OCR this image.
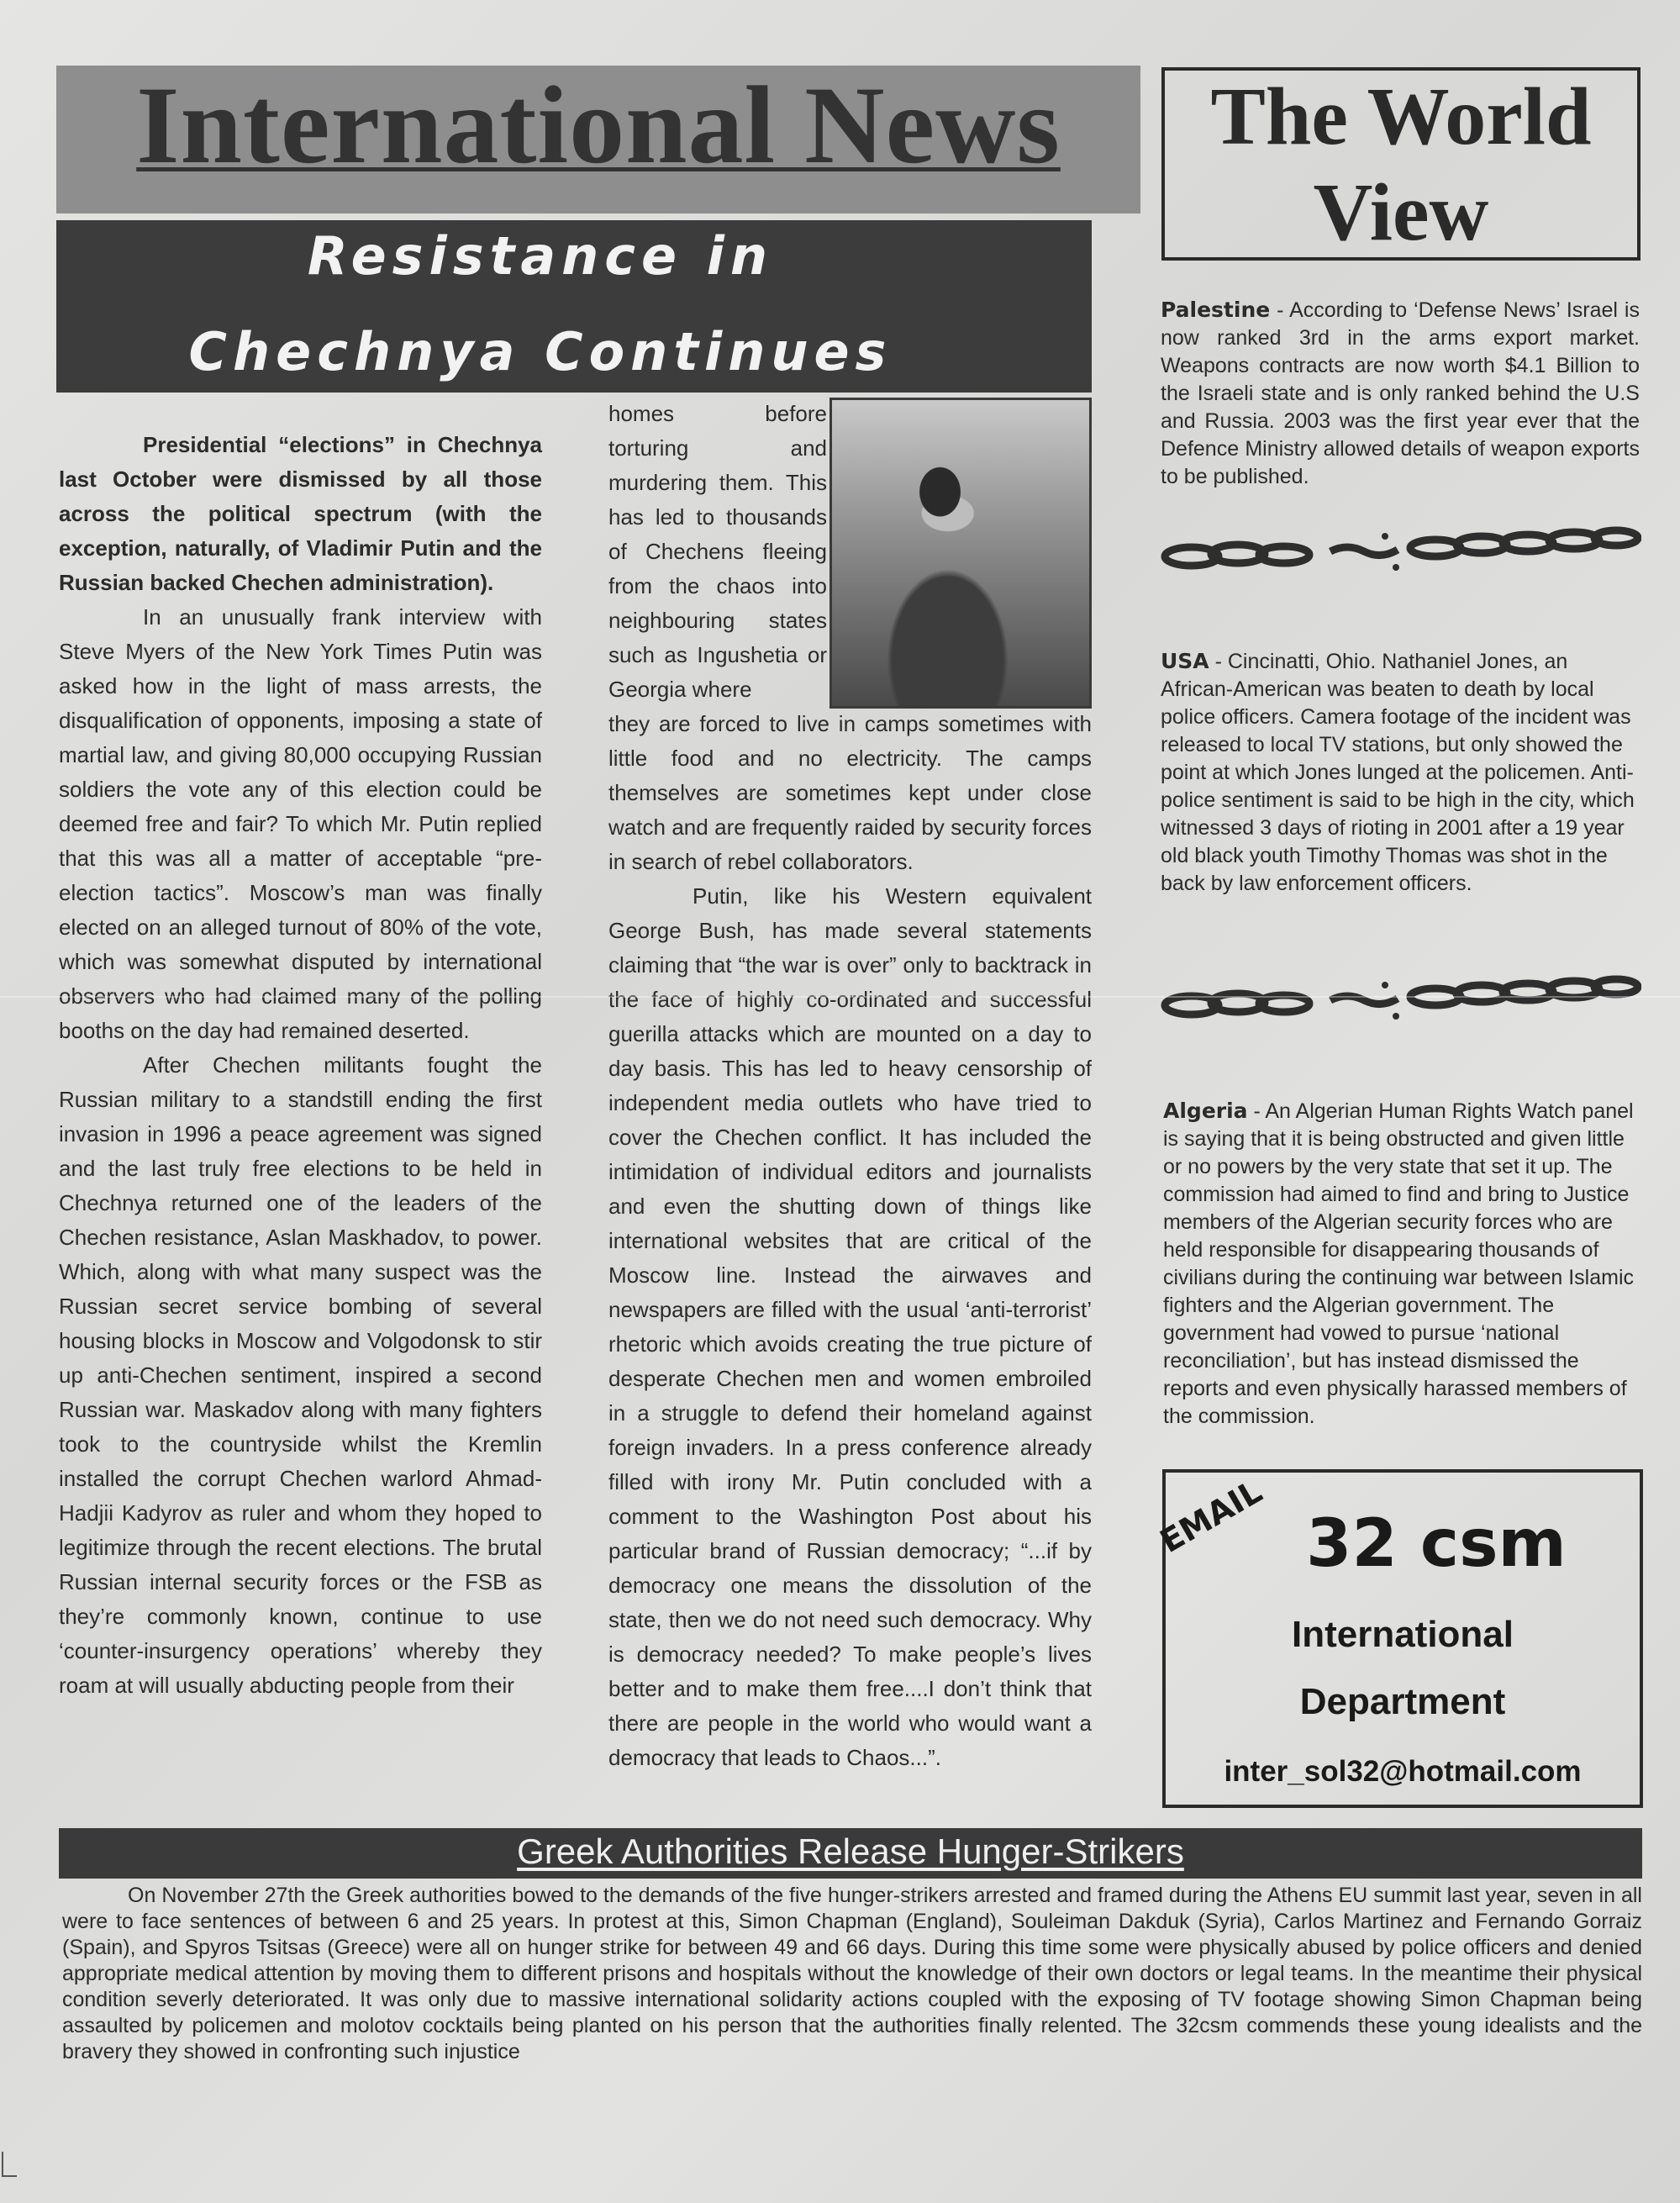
International News
Resistance in
Chechnya Continues

Presidential “elections” in Chechnya last October were dismissed by all those across the political spectrum (with the exception, naturally, of Vladimir Putin and the Russian backed Chechen administration).

In an unusually frank interview with Steve Myers of the New York Times Putin was asked how in the light of mass arrests, the disqualification of opponents, imposing a state of martial law, and giving 80,000 occupying Russian soldiers the vote any of this election could be deemed free and fair? To which Mr. Putin replied that this was all a matter of acceptable “pre-election tactics”. Moscow’s man was finally elected on an alleged turnout of 80% of the vote, which was somewhat disputed by international observers who had claimed many of the polling booths on the day had remained deserted.

After Chechen militants fought the Russian military to a standstill ending the first invasion in 1996 a peace agreement was signed and the last truly free elections to be held in Chechnya returned one of the leaders of the Chechen resistance, Aslan Maskhadov, to power. Which, along with what many suspect was the Russian secret service bombing of several housing blocks in Moscow and Volgodonsk to stir up anti-Chechen sentiment, inspired a second Russian war. Maskadov along with many fighters took to the countryside whilst the Kremlin installed the corrupt Chechen warlord Ahmad-Hadjii Kadyrov as ruler and whom they hoped to legitimize through the recent elections. The brutal Russian internal security forces or the FSB as they’re commonly known, continue to use ‘counter-insurgency operations’ whereby they roam at will usually abducting people from their

homes before torturing and murdering them. This has led to thousands of Chechens fleeing from the chaos into neighbouring states such as Ingushetia or Georgia where

they are forced to live in camps sometimes with little food and no electricity. The camps themselves are sometimes kept under close watch and are frequently raided by security forces in search of rebel collaborators.

Putin, like his Western equivalent George Bush, has made several statements claiming that “the war is over” only to backtrack in the face of highly co-ordinated and successful guerilla attacks which are mounted on a day to day basis. This has led to heavy censorship of independent media outlets who have tried to cover the Chechen conflict. It has included the intimidation of individual editors and journalists and even the shutting down of things like international websites that are critical of the Moscow line. Instead the airwaves and newspapers are filled with the usual ‘anti-terrorist’ rhetoric which avoids creating the true picture of desperate Chechen men and women embroiled in a struggle to defend their homeland against foreign invaders. In a press conference already filled with irony Mr. Putin concluded with a comment to the Washington Post about his particular brand of Russian democracy; “...if by democracy one means the dissolution of the state, then we do not need such democracy. Why is democracy needed? To make people’s lives better and to make them free....I don’t think that there are people in the world who would want a democracy that leads to Chaos...”.

The World
View
Palestine - According to ‘Defense News’ Israel is now ranked 3rd in the arms export market. Weapons contracts are now worth $4.1 Billion to the Israeli state and is only ranked behind the U.S and Russia. 2003 was the first year ever that the Defence Ministry allowed details of weapon exports to be published.
USA - Cincinatti, Ohio. Nathaniel Jones, an African-American was beaten to death by local police officers. Camera footage of the incident was released to local TV stations, but only showed the point at which Jones lunged at the policemen. Anti-police sentiment is said to be high in the city, which witnessed 3 days of rioting in 2001 after a 19 year old black youth Timothy Thomas was shot in the back by law enforcement officers.
Algeria - An Algerian Human Rights Watch panel is saying that it is being obstructed and given little or no powers by the very state that set it up. The commission had aimed to find and bring to Justice members of the Algerian security forces who are held responsible for disappearing thousands of civilians during the continuing war between Islamic fighters and the Algerian government. The government had vowed to pursue ‘national reconciliation’, but has instead dismissed the reports and even physically harassed members of the commission.
EMAIL 32 csm
International
Department
inter_sol32@hotmail.com
Greek Authorities Release Hunger-Strikers
On November 27th the Greek authorities bowed to the demands of the five hunger-strikers arrested and framed during the Athens EU summit last year, seven in all were to face sentences of between 6 and 25 years. In protest at this, Simon Chapman (England), Souleiman Dakduk (Syria), Carlos Martinez and Fernando Gorraiz (Spain), and Spyros Tsitsas (Greece) were all on hunger strike for between 49 and 66 days. During this time some were physically abused by police officers and denied appropriate medical attention by moving them to different prisons and hospitals without the knowledge of their own doctors or legal teams. In the meantime their physical condition severly deteriorated. It was only due to massive international solidarity actions coupled with the exposing of TV footage showing Simon Chapman being assaulted by policemen and molotov cocktails being planted on his person that the authorities finally relented. The 32csm commends these young idealists and the bravery they showed in confronting such injustice
